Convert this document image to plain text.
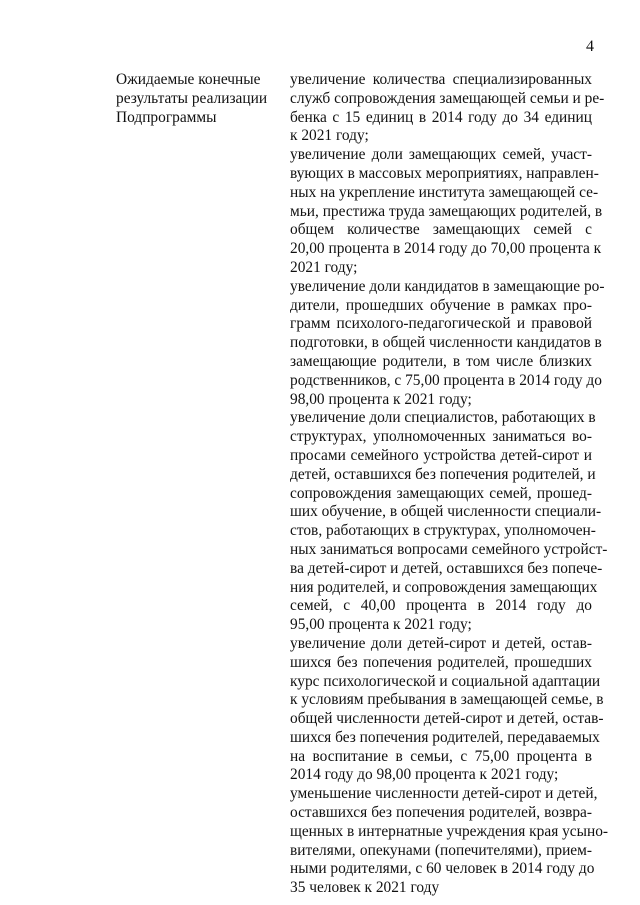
4
Ожидаемые конечные
результаты реализации
Подпрограммы
увеличение количества специализированных
служб сопровождения замещающей семьи и ре-
бенка с 15 единиц в 2014 году до 34 единиц
к 2021 году;
увеличение доли замещающих семей, участ-
вующих в массовых мероприятиях, направлен-
ных на укрепление института замещающей се-
мьи, престижа труда замещающих родителей, в
общем количестве замещающих семей с
20,00 процента в 2014 году до 70,00 процента к
2021 году;
увеличение доли кандидатов в замещающие ро-
дители, прошедших обучение в рамках про-
грамм психолого-педагогической и правовой
подготовки, в общей численности кандидатов в
замещающие родители, в том числе близких
родственников, с 75,00 процента в 2014 году до
98,00 процента к 2021 году;
увеличение доли специалистов, работающих в
структурах, уполномоченных заниматься во-
просами семейного устройства детей-сирот и
детей, оставшихся без попечения родителей, и
сопровождения замещающих семей, прошед-
ших обучение, в общей численности специали-
стов, работающих в структурах, уполномочен-
ных заниматься вопросами семейного устройст-
ва детей-сирот и детей, оставшихся без попече-
ния родителей, и сопровождения замещающих
семей, с 40,00 процента в 2014 году до
95,00 процента к 2021 году;
увеличение доли детей-сирот и детей, остав-
шихся без попечения родителей, прошедших
курс психологической и социальной адаптации
к условиям пребывания в замещающей семье, в
общей численности детей-сирот и детей, остав-
шихся без попечения родителей, передаваемых
на воспитание в семьи, с 75,00 процента в
2014 году до 98,00 процента к 2021 году;
уменьшение численности детей-сирот и детей,
оставшихся без попечения родителей, возвра-
щенных в интернатные учреждения края усыно-
вителями, опекунами (попечителями), прием-
ными родителями, с 60 человек в 2014 году до
35 человек к 2021 году
